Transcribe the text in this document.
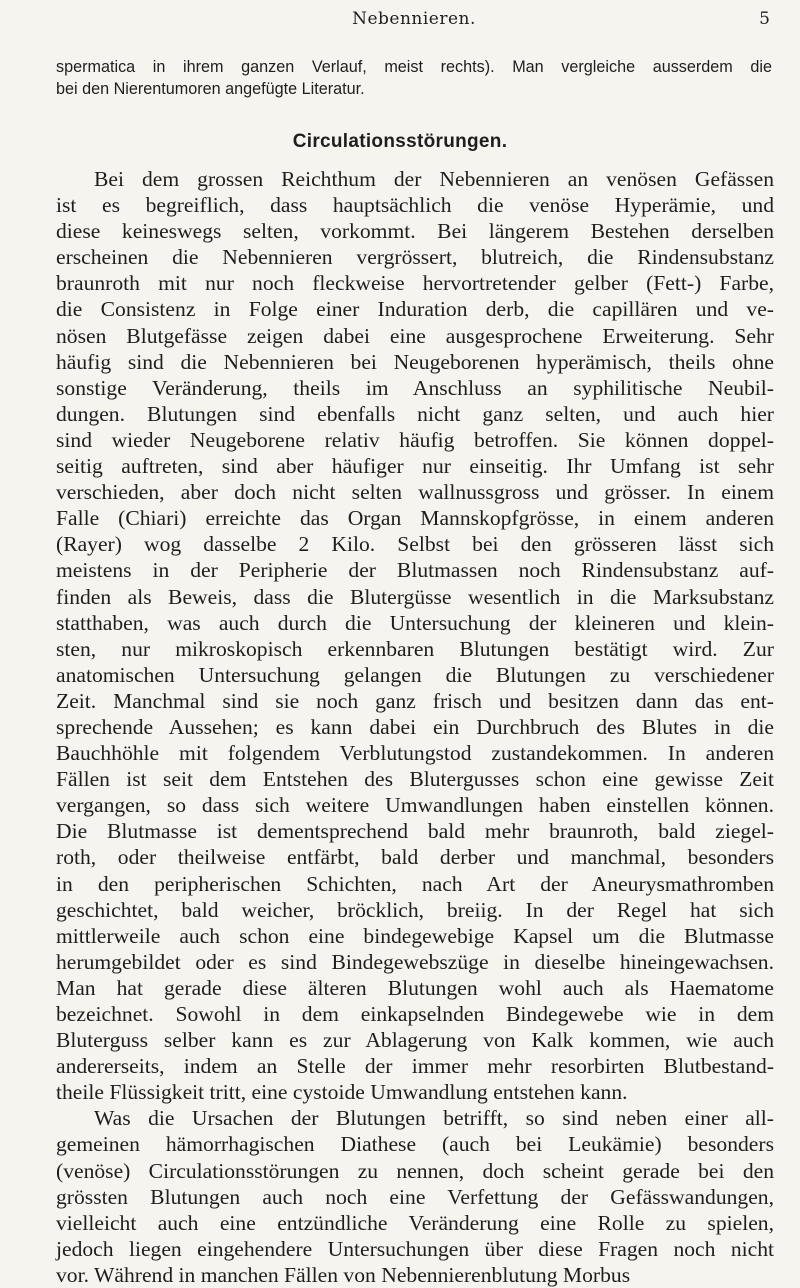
Nebennieren.	5
spermatica in ihrem ganzen Verlauf, meist rechts). Man vergleiche ausserdem die
bei den Nierentumoren angefügte Literatur.
Circulationsstörungen.
Bei dem grossen Reichthum der Nebennieren an venösen Gefässen
ist es begreiflich, dass hauptsächlich die venöse Hyperämie, und
diese keineswegs selten, vorkommt. Bei längerem Bestehen derselben
erscheinen die Nebennieren vergrössert, blutreich, die Rindensubstanz
braunroth mit nur noch fleckweise hervortretender gelber (Fett-) Farbe,
die Consistenz in Folge einer Induration derb, die capillären und ve-
nösen Blutgefässe zeigen dabei eine ausgesprochene Erweiterung. Sehr
häufig sind die Nebennieren bei Neugeborenen hyperämisch, theils ohne
sonstige Veränderung, theils im Anschluss an syphilitische Neubil-
dungen. Blutungen sind ebenfalls nicht ganz selten, und auch hier
sind wieder Neugeborene relativ häufig betroffen. Sie können doppel-
seitig auftreten, sind aber häufiger nur einseitig. Ihr Umfang ist sehr
verschieden, aber doch nicht selten wallnussgross und grösser. In einem
Falle (Chiari) erreichte das Organ Mannskopfgrösse, in einem anderen
(Rayer) wog dasselbe 2 Kilo. Selbst bei den grösseren lässt sich
meistens in der Peripherie der Blutmassen noch Rindensubstanz auf-
finden als Beweis, dass die Blutergüsse wesentlich in die Marksubstanz
statthaben, was auch durch die Untersuchung der kleineren und klein-
sten, nur mikroskopisch erkennbaren Blutungen bestätigt wird. Zur
anatomischen Untersuchung gelangen die Blutungen zu verschiedener
Zeit. Manchmal sind sie noch ganz frisch und besitzen dann das ent-
sprechende Aussehen; es kann dabei ein Durchbruch des Blutes in die
Bauchhöhle mit folgendem Verblutungstod zustandekommen. In anderen
Fällen ist seit dem Entstehen des Blutergusses schon eine gewisse Zeit
vergangen, so dass sich weitere Umwandlungen haben einstellen können.
Die Blutmasse ist dementsprechend bald mehr braunroth, bald ziegel-
roth, oder theilweise entfärbt, bald derber und manchmal, besonders
in den peripherischen Schichten, nach Art der Aneurysmathromben
geschichtet, bald weicher, bröcklich, breiig. In der Regel hat sich
mittlerweile auch schon eine bindegewebige Kapsel um die Blutmasse
herumgebildet oder es sind Bindegewebszüge in dieselbe hineingewachsen.
Man hat gerade diese älteren Blutungen wohl auch als Haematome
bezeichnet. Sowohl in dem einkapselnden Bindegewebe wie in dem
Bluterguss selber kann es zur Ablagerung von Kalk kommen, wie auch
andererseits, indem an Stelle der immer mehr resorbirten Blutbestand-
theile Flüssigkeit tritt, eine cystoide Umwandlung entstehen kann.
Was die Ursachen der Blutungen betrifft, so sind neben einer all-
gemeinen hämorrhagischen Diathese (auch bei Leukämie) besonders
(venöse) Circulationsstörungen zu nennen, doch scheint gerade bei den
grössten Blutungen auch noch eine Verfettung der Gefässwandungen,
vielleicht auch eine entzündliche Veränderung eine Rolle zu spielen,
jedoch liegen eingehendere Untersuchungen über diese Fragen noch nicht
vor. Während in manchen Fällen von Nebennierenblutung Morbus
